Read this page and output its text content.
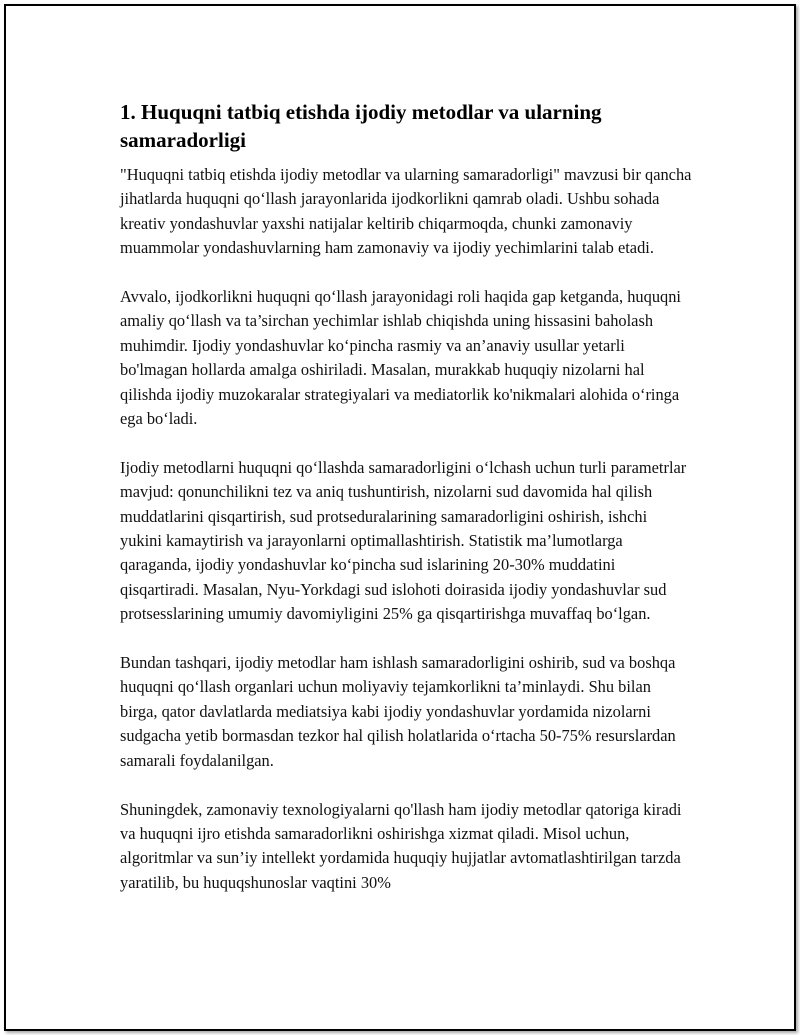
1. Huquqni tatbiq etishda ijodiy metodlar va ularning samaradorligi

"Huquqni tatbiq etishda ijodiy metodlar va ularning samaradorligi" mavzusi bir qancha jihatlarda huquqni qo‘llash jarayonlarida ijodkorlikni qamrab oladi. Ushbu sohada kreativ yondashuvlar yaxshi natijalar keltirib chiqarmoqda, chunki zamonaviy muammolar yondashuvlarning ham zamonaviy va ijodiy yechimlarini talab etadi.

Avvalo, ijodkorlikni huquqni qo‘llash jarayonidagi roli haqida gap ketganda, huquqni amaliy qo‘llash va ta’sirchan yechimlar ishlab chiqishda uning hissasini baholash muhimdir. Ijodiy yondashuvlar ko‘pincha rasmiy va an’anaviy usullar yetarli bo'lmagan hollarda amalga oshiriladi. Masalan, murakkab huquqiy nizolarni hal qilishda ijodiy muzokaralar strategiyalari va mediatorlik ko'nikmalari alohida o‘ringa ega bo‘ladi.

Ijodiy metodlarni huquqni qo‘llashda samaradorligini o‘lchash uchun turli parametrlar mavjud: qonunchilikni tez va aniq tushuntirish, nizolarni sud davomida hal qilish muddatlarini qisqartirish, sud protseduralarining samaradorligini oshirish, ishchi yukini kamaytirish va jarayonlarni optimallashtirish. Statistik ma’lumotlarga qaraganda, ijodiy yondashuvlar ko‘pincha sud islarining 20-30% muddatini qisqartiradi. Masalan, Nyu-Yorkdagi sud islohoti doirasida ijodiy yondashuvlar sud protsesslarining umumiy davomiyligini 25% ga qisqartirishga muvaffaq bo‘lgan.

Bundan tashqari, ijodiy metodlar ham ishlash samaradorligini oshirib, sud va boshqa huquqni qo‘llash organlari uchun moliyaviy tejamkorlikni ta’minlaydi. Shu bilan birga, qator davlatlarda mediatsiya kabi ijodiy yondashuvlar yordamida nizolarni sudgacha yetib bormasdan tezkor hal qilish holatlarida o‘rtacha 50-75% resurslardan samarali foydalanilgan.

Shuningdek, zamonaviy texnologiyalarni qo'llash ham ijodiy metodlar qatoriga kiradi va huquqni ijro etishda samaradorlikni oshirishga xizmat qiladi. Misol uchun, algoritmlar va sun’iy intellekt yordamida huquqiy hujjatlar avtomatlashtirilgan tarzda yaratilib, bu huquqshunoslar vaqtini 30%
